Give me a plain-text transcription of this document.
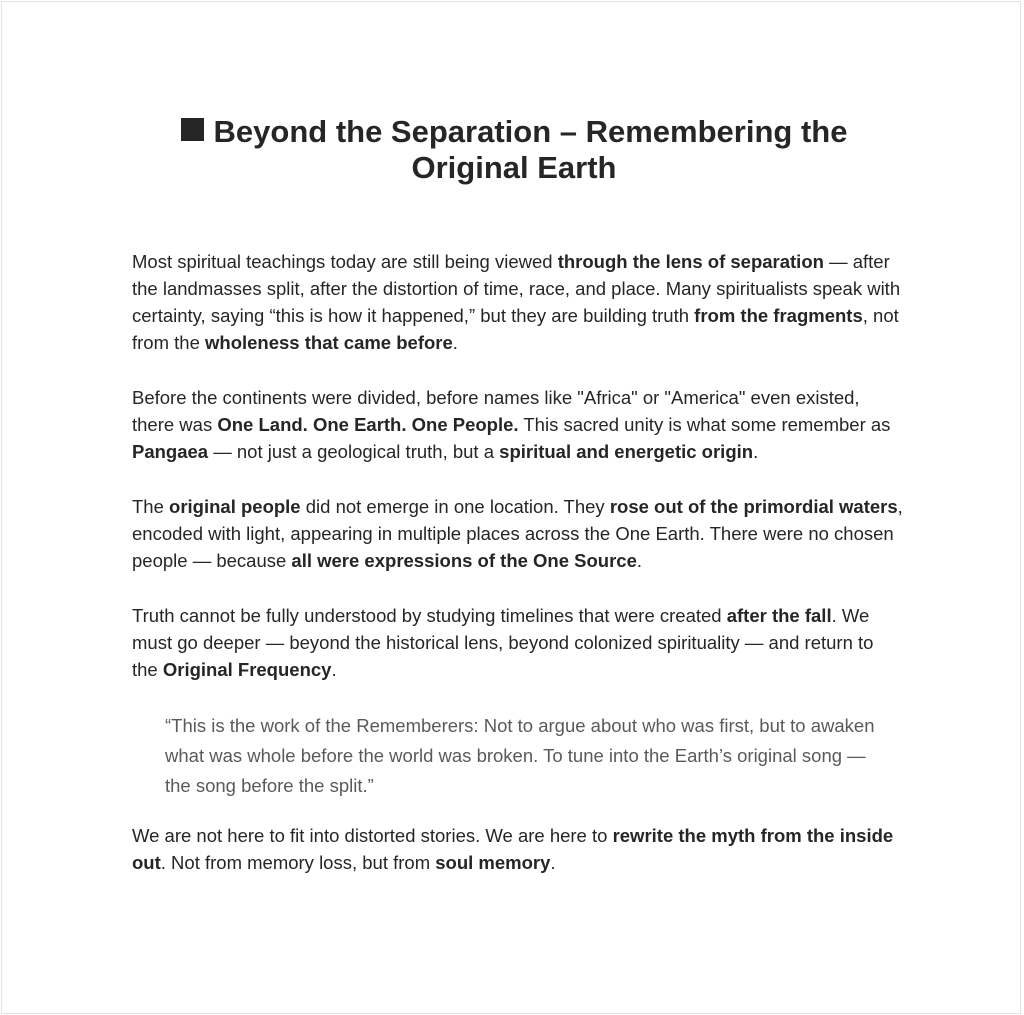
Beyond the Separation – Remembering the Original Earth

Most spiritual teachings today are still being viewed through the lens of separation — after the landmasses split, after the distortion of time, race, and place. Many spiritualists speak with certainty, saying “this is how it happened,” but they are building truth from the fragments, not from the wholeness that came before.

Before the continents were divided, before names like "Africa" or "America" even existed, there was One Land. One Earth. One People. This sacred unity is what some remember as Pangaea — not just a geological truth, but a spiritual and energetic origin.

The original people did not emerge in one location. They rose out of the primordial waters, encoded with light, appearing in multiple places across the One Earth. There were no chosen people — because all were expressions of the One Source.

Truth cannot be fully understood by studying timelines that were created after the fall. We must go deeper — beyond the historical lens, beyond colonized spirituality — and return to the Original Frequency.

“This is the work of the Rememberers: Not to argue about who was first, but to awaken what was whole before the world was broken. To tune into the Earth’s original song — the song before the split.”

We are not here to fit into distorted stories. We are here to rewrite the myth from the inside out. Not from memory loss, but from soul memory.
